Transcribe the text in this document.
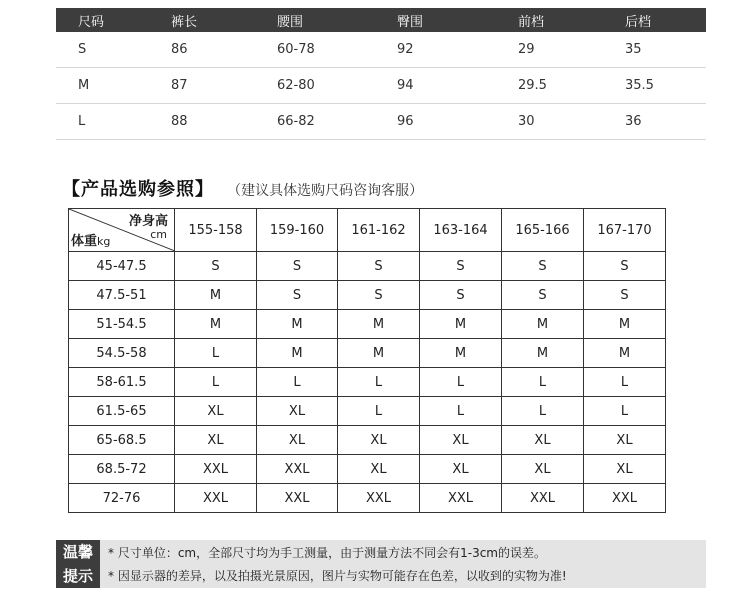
尺码	裤长	腰围	臀围	前档	后档
S	86	60-78	92	29	35
M	87	62-80	94	29.5	35.5
L	88	66-82	96	30	36
【产品选购参照】 （建议具体选购尺码咨询客服）
净身高
cm
体重kg	155-158	159-160	161-162	163-164	165-166	167-170
45-47.5	S	S	S	S	S	S
47.5-51	M	S	S	S	S	S
51-54.5	M	M	M	M	M	M
54.5-58	L	M	M	M	M	M
58-61.5	L	L	L	L	L	L
61.5-65	XL	XL	L	L	L	L
65-68.5	XL	XL	XL	XL	XL	XL
68.5-72	XXL	XXL	XL	XL	XL	XL
72-76	XXL	XXL	XXL	XXL	XXL	XXL
温馨
提示
* 尺寸单位：cm，全部尺寸均为手工测量，由于测量方法不同会有1-3cm的误差。
* 因显示器的差异，以及拍摄光景原因，图片与实物可能存在色差，以收到的实物为准!
